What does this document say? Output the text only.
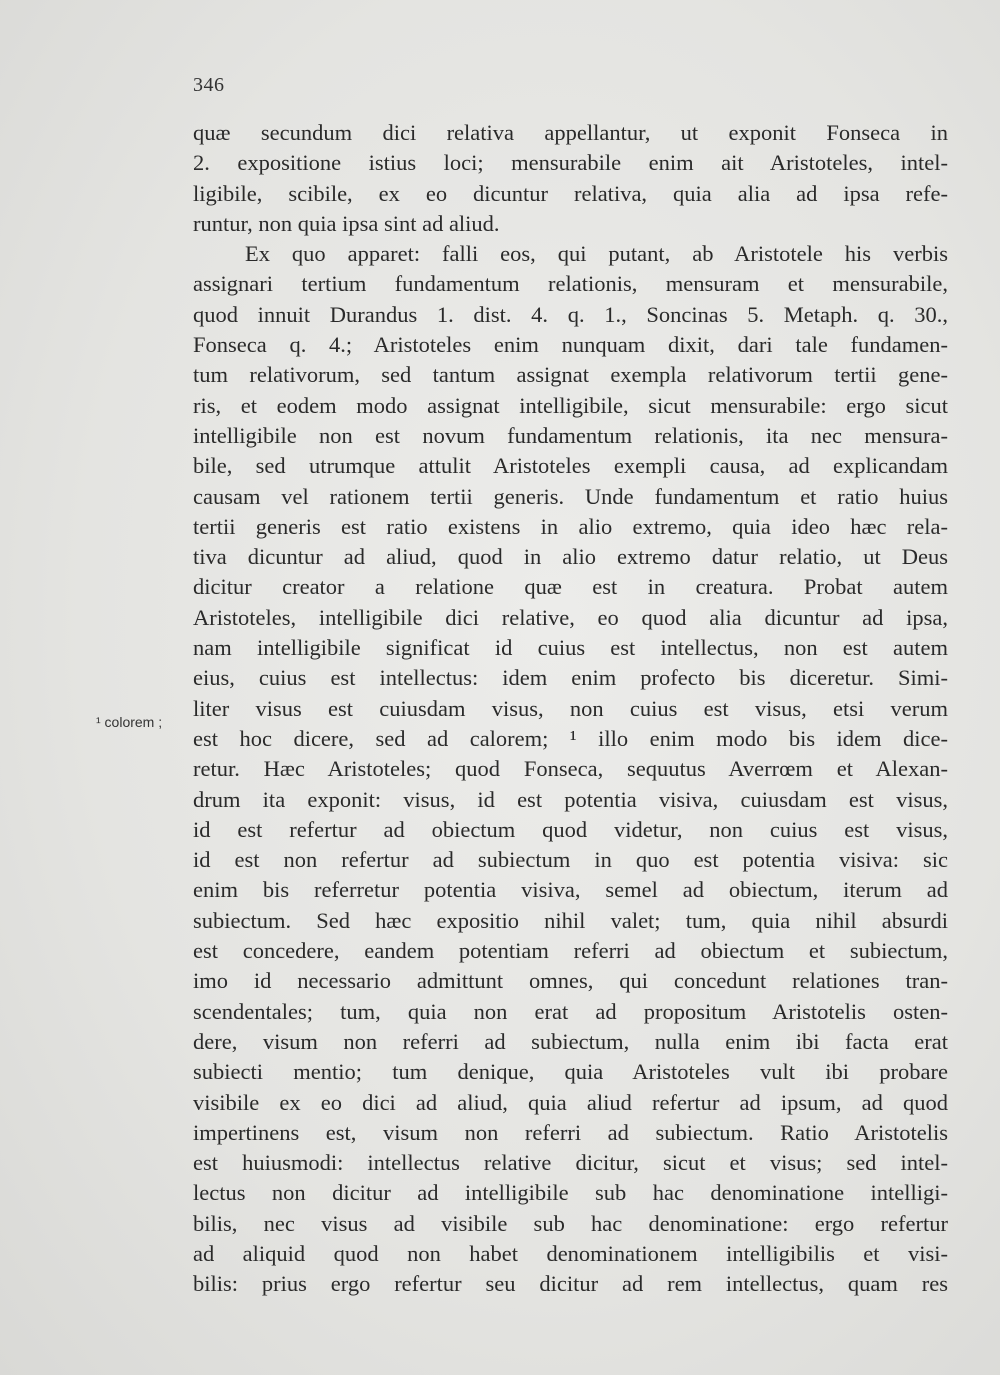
346
¹ colorem ;
quæ secundum dici relativa appellantur, ut exponit Fonseca in
2. expositione istius loci; mensurabile enim ait Aristoteles, intel-
ligibile, scibile, ex eo dicuntur relativa, quia alia ad ipsa refe-
runtur, non quia ipsa sint ad aliud.
Ex quo apparet: falli eos, qui putant, ab Aristotele his verbis
assignari tertium fundamentum relationis, mensuram et mensurabile,
quod innuit Durandus 1. dist. 4. q. 1., Soncinas 5. Metaph. q. 30.,
Fonseca q. 4.; Aristoteles enim nunquam dixit, dari tale fundamen-
tum relativorum, sed tantum assignat exempla relativorum tertii gene-
ris, et eodem modo assignat intelligibile, sicut mensurabile: ergo sicut
intelligibile non est novum fundamentum relationis, ita nec mensura-
bile, sed utrumque attulit Aristoteles exempli causa, ad explicandam
causam vel rationem tertii generis. Unde fundamentum et ratio huius
tertii generis est ratio existens in alio extremo, quia ideo hæc rela-
tiva dicuntur ad aliud, quod in alio extremo datur relatio, ut Deus
dicitur creator a relatione quæ est in creatura. Probat autem
Aristoteles, intelligibile dici relative, eo quod alia dicuntur ad ipsa,
nam intelligibile significat id cuius est intellectus, non est autem
eius, cuius est intellectus: idem enim profecto bis diceretur. Simi-
liter visus est cuiusdam visus, non cuius est visus, etsi verum
est hoc dicere, sed ad calorem; ¹ illo enim modo bis idem dice-
retur. Hæc Aristoteles; quod Fonseca, sequutus Averrœm et Alexan-
drum ita exponit: visus, id est potentia visiva, cuiusdam est visus,
id est refertur ad obiectum quod videtur, non cuius est visus,
id est non refertur ad subiectum in quo est potentia visiva: sic
enim bis referretur potentia visiva, semel ad obiectum, iterum ad
subiectum. Sed hæc expositio nihil valet; tum, quia nihil absurdi
est concedere, eandem potentiam referri ad obiectum et subiectum,
imo id necessario admittunt omnes, qui concedunt relationes tran-
scendentales; tum, quia non erat ad propositum Aristotelis osten-
dere, visum non referri ad subiectum, nulla enim ibi facta erat
subiecti mentio; tum denique, quia Aristoteles vult ibi probare
visibile ex eo dici ad aliud, quia aliud refertur ad ipsum, ad quod
impertinens est, visum non referri ad subiectum. Ratio Aristotelis
est huiusmodi: intellectus relative dicitur, sicut et visus; sed intel-
lectus non dicitur ad intelligibile sub hac denominatione intelligi-
bilis, nec visus ad visibile sub hac denominatione: ergo refertur
ad aliquid quod non habet denominationem intelligibilis et visi-
bilis: prius ergo refertur seu dicitur ad rem intellectus, quam res
